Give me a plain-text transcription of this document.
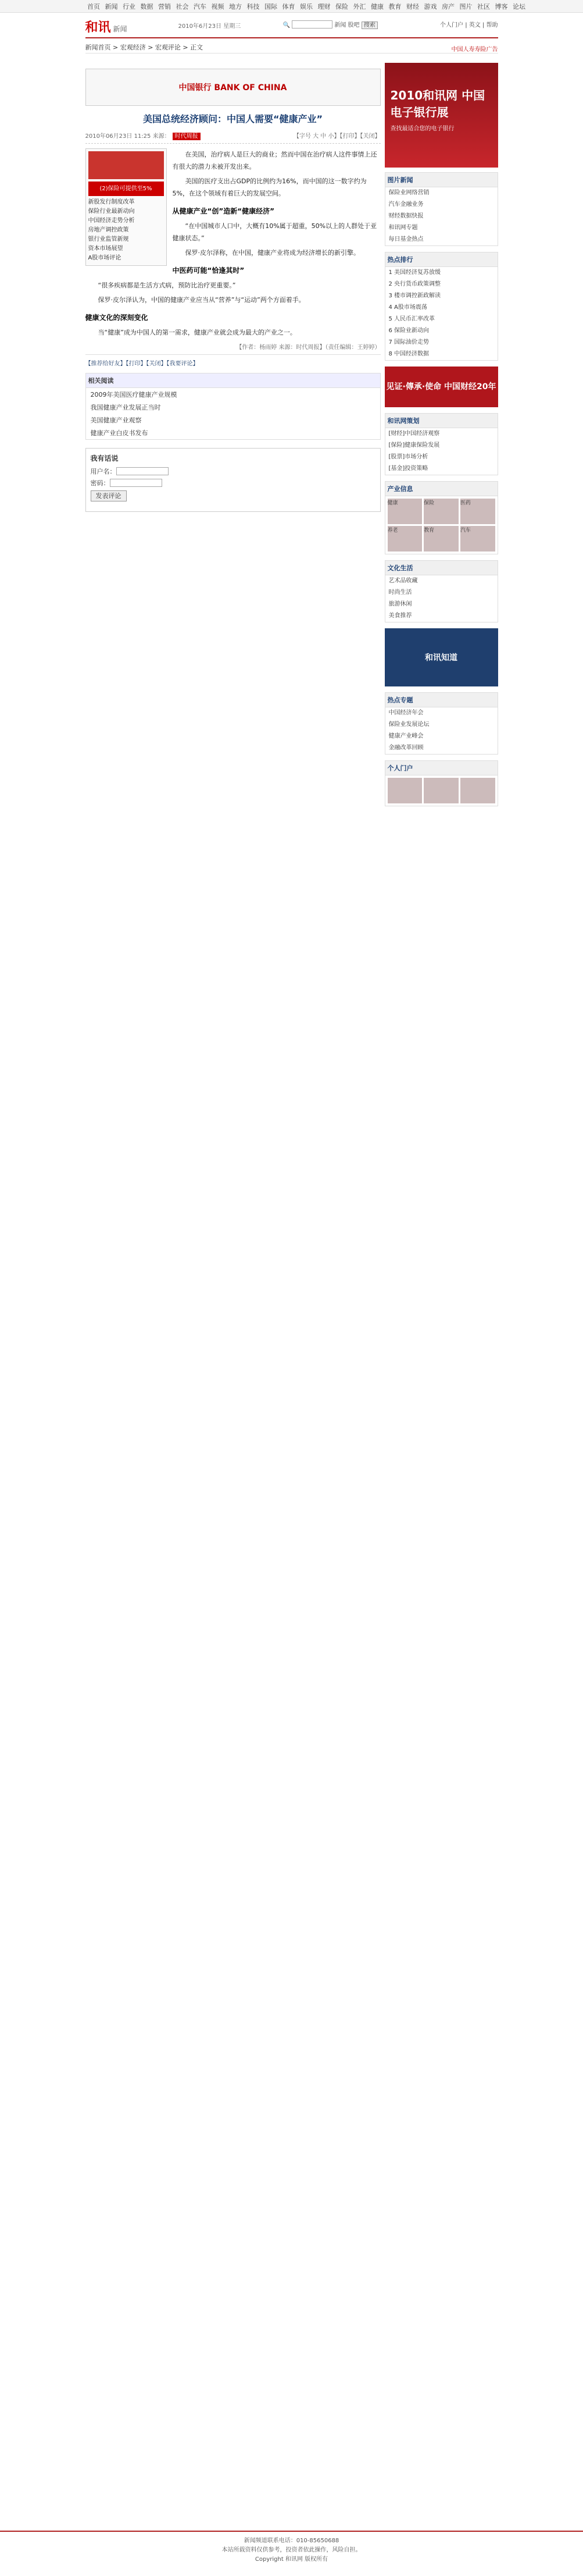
首页 新闻 行业 数据 营销 社会 汽车 视频 地方 科技 国际 体育 娱乐 理财 保险 外汇 健康 教育 财经 游戏 房产 图片 社区 博客 论坛
和讯 新闻	2010年6月23日 星期三	🔍	新闻 股吧 搜索	个人门户 | 英文 | 帮助
新闻首页 > 宏观经济 > 宏观评论 > 正文	中国人寿寿险广告
中国银行 BANK OF CHINA
美国总统经济顾问：中国人需要“健康产业”
2010年06月23日 11:25 来源： 时代周报	【字号 大 中 小】【打印】【关闭】
(2)保险可提供至5%
新股发行制度改革
保险行业最新动向
中国经济走势分析
房地产调控政策
银行业监管新规
资本市场展望
A股市场评论

在美国，治疗病人是巨大的商业；然而中国在治疗病人这件事情上还有很大的潜力未被开发出来。

美国的医疗支出占GDP的比例约为16%，而中国的这一数字约为5%，在这个领域有着巨大的发展空间。

从健康产业“创”造新“健康经济”

“在中国城市人口中，大概有10%属于超重，50%以上的人群处于亚健康状态。”

保罗·皮尔泽称，在中国，健康产业将成为经济增长的新引擎。

中医药可能“恰逢其时”

“很多疾病都是生活方式病，预防比治疗更重要。”

保罗·皮尔泽认为，中国的健康产业应当从“营养”与“运动”两个方面着手。

健康文化的深刻变化

当“健康”成为中国人的第一需求，健康产业就会成为最大的产业之一。

【作者：杨雨婷 来源：时代周报】（责任编辑：王婷婷）
【推荐给好友】【打印】【关闭】【我要评论】
相关阅读
2009年美国医疗健康产业规模
我国健康产业发展正当时
美国健康产业观察
健康产业白皮书发布
我有话说
用户名：
密码：
发表评论
2010和讯网 中国电子银行展
查找最适合您的电子银行
图片新闻
保险业网络营销
汽车金融业务
财经数据快报
和讯网专题
每日基金热点
热点排行
1 美国经济复苏放缓
2 央行货币政策调整
3 楼市调控新政解读
4 A股市场震荡
5 人民币汇率改革
6 保险业新动向
7 国际油价走势
8 中国经济数据
见证·傳承·使命 中国财经20年
和讯网策划
[财经]中国经济观察
[保险]健康保险发展
[股票]市场分析
[基金]投资策略
产业信息
健康	保险	医药
养老	教育	汽车
文化生活
艺术品收藏
时尚生活
旅游休闲
美食推荐
和讯知道
热点专题
中国经济年会
保险业发展论坛
健康产业峰会
金融改革回顾
个人门户
新闻频道联系电话：010-85650688
本站所载资料仅供参考，投资者依此操作，风险自担。
Copyright 和讯网 版权所有
